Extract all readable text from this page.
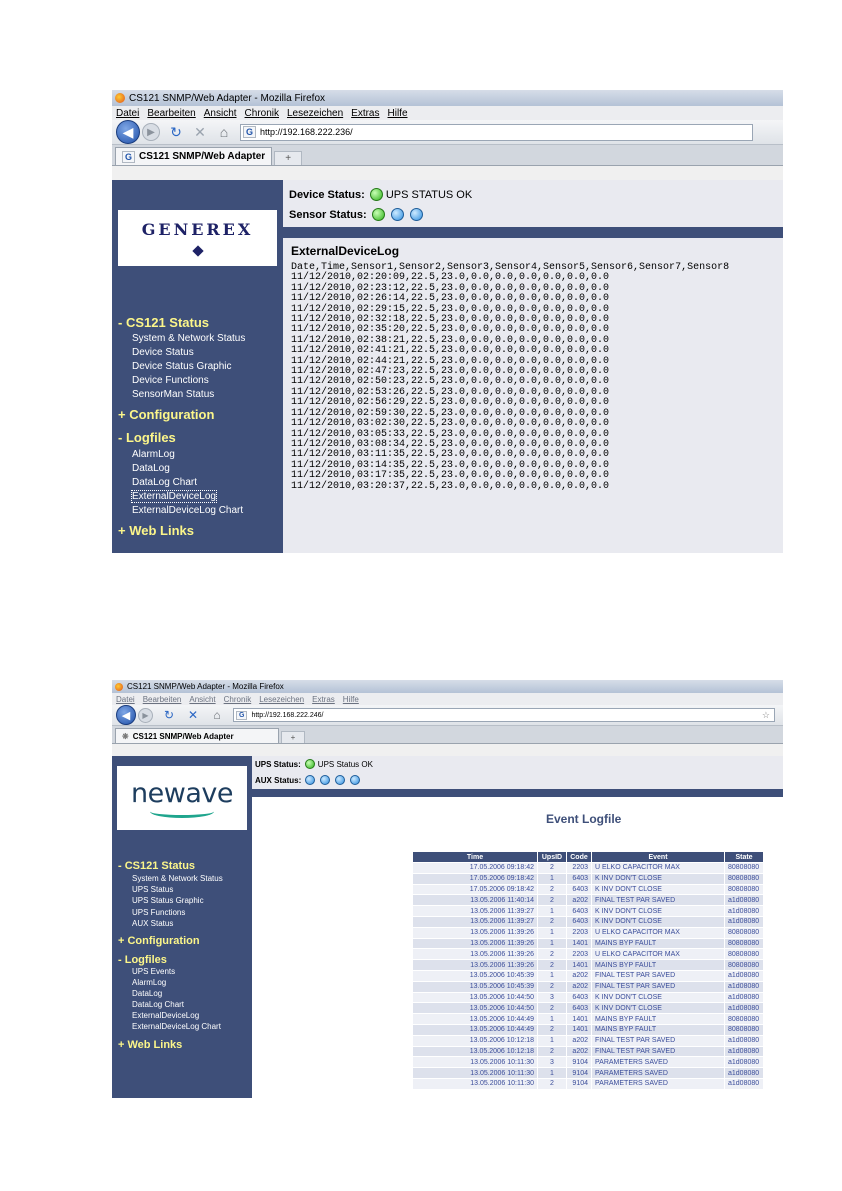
CS121 SNMP/Web Adapter - Mozilla Firefox
Datei Bearbeiten Ansicht Chronik Lesezeichen Extras Hilfe
◀ ▶ ↻ ✕ ⌂	G http://192.168.222.236/
G CS121 SNMP/Web Adapter	+
GENEREX
- CS121 Status
System & Network Status
Device Status
Device Status Graphic
Device Functions
SensorMan Status
+ Configuration
- Logfiles
AlarmLog
DataLog
DataLog Chart
ExternalDeviceLog
ExternalDeviceLog Chart
+ Web Links
Device Status: UPS STATUS OK
Sensor Status:
ExternalDeviceLog
Date,Time,Sensor1,Sensor2,Sensor3,Sensor4,Sensor5,Sensor6,Sensor7,Sensor8
11/12/2010,02:20:09,22.5,23.0,0.0,0.0,0.0,0.0,0.0,0.0
11/12/2010,02:23:12,22.5,23.0,0.0,0.0,0.0,0.0,0.0,0.0
11/12/2010,02:26:14,22.5,23.0,0.0,0.0,0.0,0.0,0.0,0.0
11/12/2010,02:29:15,22.5,23.0,0.0,0.0,0.0,0.0,0.0,0.0
11/12/2010,02:32:18,22.5,23.0,0.0,0.0,0.0,0.0,0.0,0.0
11/12/2010,02:35:20,22.5,23.0,0.0,0.0,0.0,0.0,0.0,0.0
11/12/2010,02:38:21,22.5,23.0,0.0,0.0,0.0,0.0,0.0,0.0
11/12/2010,02:41:21,22.5,23.0,0.0,0.0,0.0,0.0,0.0,0.0
11/12/2010,02:44:21,22.5,23.0,0.0,0.0,0.0,0.0,0.0,0.0
11/12/2010,02:47:23,22.5,23.0,0.0,0.0,0.0,0.0,0.0,0.0
11/12/2010,02:50:23,22.5,23.0,0.0,0.0,0.0,0.0,0.0,0.0
11/12/2010,02:53:26,22.5,23.0,0.0,0.0,0.0,0.0,0.0,0.0
11/12/2010,02:56:29,22.5,23.0,0.0,0.0,0.0,0.0,0.0,0.0
11/12/2010,02:59:30,22.5,23.0,0.0,0.0,0.0,0.0,0.0,0.0
11/12/2010,03:02:30,22.5,23.0,0.0,0.0,0.0,0.0,0.0,0.0
11/12/2010,03:05:33,22.5,23.0,0.0,0.0,0.0,0.0,0.0,0.0
11/12/2010,03:08:34,22.5,23.0,0.0,0.0,0.0,0.0,0.0,0.0
11/12/2010,03:11:35,22.5,23.0,0.0,0.0,0.0,0.0,0.0,0.0
11/12/2010,03:14:35,22.5,23.0,0.0,0.0,0.0,0.0,0.0,0.0
11/12/2010,03:17:35,22.5,23.0,0.0,0.0,0.0,0.0,0.0,0.0
11/12/2010,03:20:37,22.5,23.0,0.0,0.0,0.0,0.0,0.0,0.0
CS121 SNMP/Web Adapter - Mozilla Firefox
Datei Bearbeiten Ansicht Chronik Lesezeichen Extras Hilfe
◀ ▶ ↻ ✕	⌂	G	http://192.168.222.246/	☆
❋ CS121 SNMP/Web Adapter	+
newave
- CS121 Status
System & Network Status
UPS Status
UPS Status Graphic
UPS Functions
AUX Status
+ Configuration
- Logfiles
UPS Events
AlarmLog
DataLog
DataLog Chart
ExternalDeviceLog
ExternalDeviceLog Chart
+ Web Links
UPS Status: UPS Status OK
AUX Status:
Event Logfile
Time	UpsID	Code	Event	State
17.05.2006 09:18:42	2	2203	U ELKO CAPACITOR MAX	80808080
17.05.2006 09:18:42	1	6403	K INV DON'T CLOSE	80808080
17.05.2006 09:18:42	2	6403	K INV DON'T CLOSE	80808080
13.05.2006 11:40:14	2	a202	FINAL TEST PAR SAVED	a1d08080
13.05.2006 11:39:27	1	6403	K INV DON'T CLOSE	a1d08080
13.05.2006 11:39:27	2	6403	K INV DON'T CLOSE	a1d08080
13.05.2006 11:39:26	1	2203	U ELKO CAPACITOR MAX	80808080
13.05.2006 11:39:26	1	1401	MAINS BYP FAULT	80808080
13.05.2006 11:39:26	2	2203	U ELKO CAPACITOR MAX	80808080
13.05.2006 11:39:26	2	1401	MAINS BYP FAULT	80808080
13.05.2006 10:45:39	1	a202	FINAL TEST PAR SAVED	a1d08080
13.05.2006 10:45:39	2	a202	FINAL TEST PAR SAVED	a1d08080
13.05.2006 10:44:50	3	6403	K INV DON'T CLOSE	a1d08080
13.05.2006 10:44:50	2	6403	K INV DON'T CLOSE	a1d08080
13.05.2006 10:44:49	1	1401	MAINS BYP FAULT	80808080
13.05.2006 10:44:49	2	1401	MAINS BYP FAULT	80808080
13.05.2006 10:12:18	1	a202	FINAL TEST PAR SAVED	a1d08080
13.05.2006 10:12:18	2	a202	FINAL TEST PAR SAVED	a1d08080
13.05.2006 10:11:30	3	9104	PARAMETERS SAVED	a1d08080
13.05.2006 10:11:30	1	9104	PARAMETERS SAVED	a1d08080
13.05.2006 10:11:30	2	9104	PARAMETERS SAVED	a1d08080
